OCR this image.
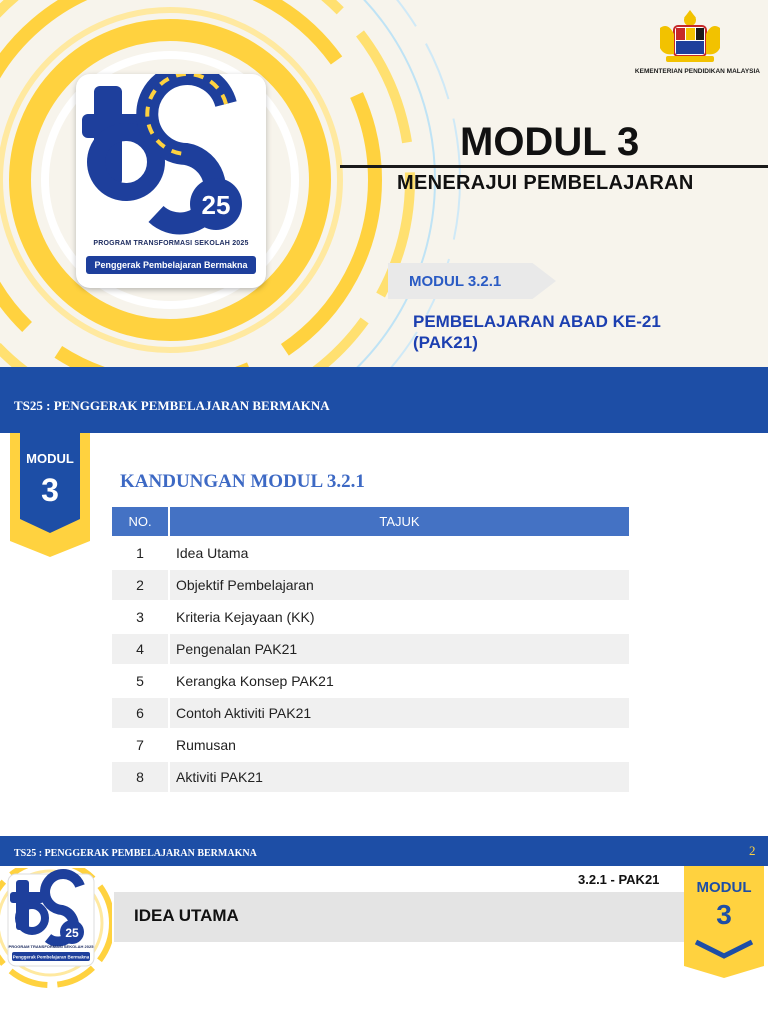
25
PROGRAM TRANSFORMASI SEKOLAH 2025
Penggerak Pembelajaran Bermakna
KEMENTERIAN PENDIDIKAN MALAYSIA
MODUL 3
MENERAJUI PEMBELAJARAN
MODUL 3.2.1
PEMBELAJARAN ABAD KE-21
(PAK21)
TS25 : PENGGERAK PEMBELAJARAN BERMAKNA
MODUL
3	KANDUNGAN MODUL 3.2.1
NO.	TAJUK
1	Idea Utama
2	Objektif Pembelajaran
3	Kriteria Kejayaan (KK)
4	Pengenalan PAK21
5	Kerangka Konsep PAK21
6	Contoh Aktiviti PAK21
7	Rumusan
8	Aktiviti PAK21
TS25 : PENGGERAK PEMBELAJARAN BERMAKNA	2
25
PROGRAM TRANSFORMASI SEKOLAH 2025
Penggerak Pembelajaran Bermakna
3.2.1 - PAK21
IDEA UTAMA
MODUL
3
